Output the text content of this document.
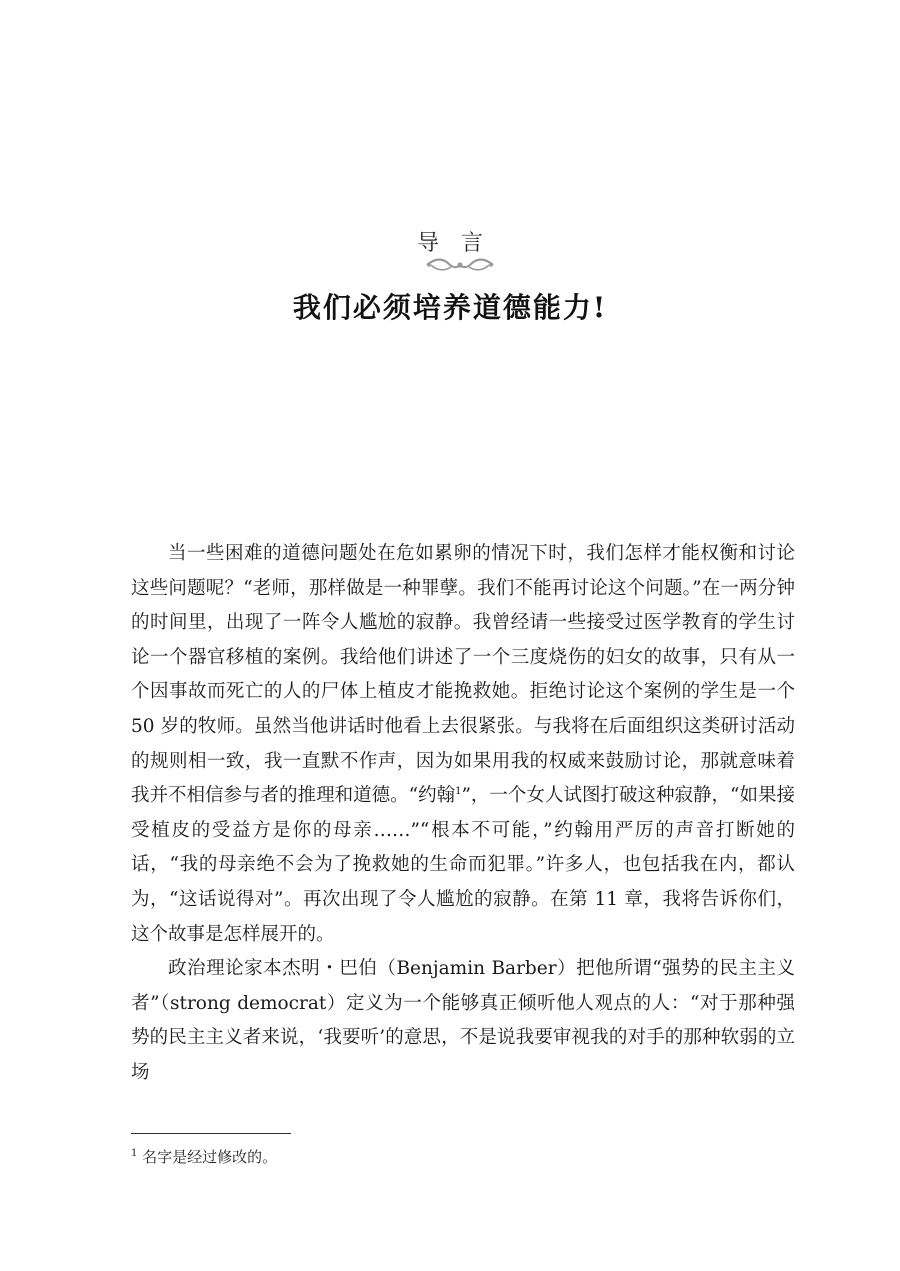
导 言
我们必须培养道德能力!

当一些困难的道德问题处在危如累卵的情况下时，我们怎样才能权衡和讨论这些问题呢？“老师，那样做是一种罪孽。我们不能再讨论这个问题。”在一两分钟的时间里，出现了一阵令人尴尬的寂静。我曾经请一些接受过医学教育的学生讨论一个器官移植的案例。我给他们讲述了一个三度烧伤的妇女的故事，只有从一个因事故而死亡的人的尸体上植皮才能挽救她。拒绝讨论这个案例的学生是一个 50 岁的牧师。虽然当他讲话时他看上去很紧张。与我将在后面组织这类研讨活动的规则相一致，我一直默不作声，因为如果用我的权威来鼓励讨论，那就意味着我并不相信参与者的推理和道德。“约翰$^1$”，一个女人试图打破这种寂静，“如果接受植皮的受益方是你的母亲……”“根本不可能，”约翰用严厉的声音打断她的话，“我的母亲绝不会为了挽救她的生命而犯罪。”许多人，也包括我在内，都认为，“这话说得对”。再次出现了令人尴尬的寂静。在第 11 章，我将告诉你们，这个故事是怎样展开的。

政治理论家本杰明・巴伯（Benjamin Barber）把他所谓“强势的民主主义者”（strong democrat）定义为一个能够真正倾听他人观点的人：“对于那种强势的民主主义者来说，‘我要听’的意思，不是说我要审视我的对手的那种软弱的立场

$^1$ 名字是经过修改的。
